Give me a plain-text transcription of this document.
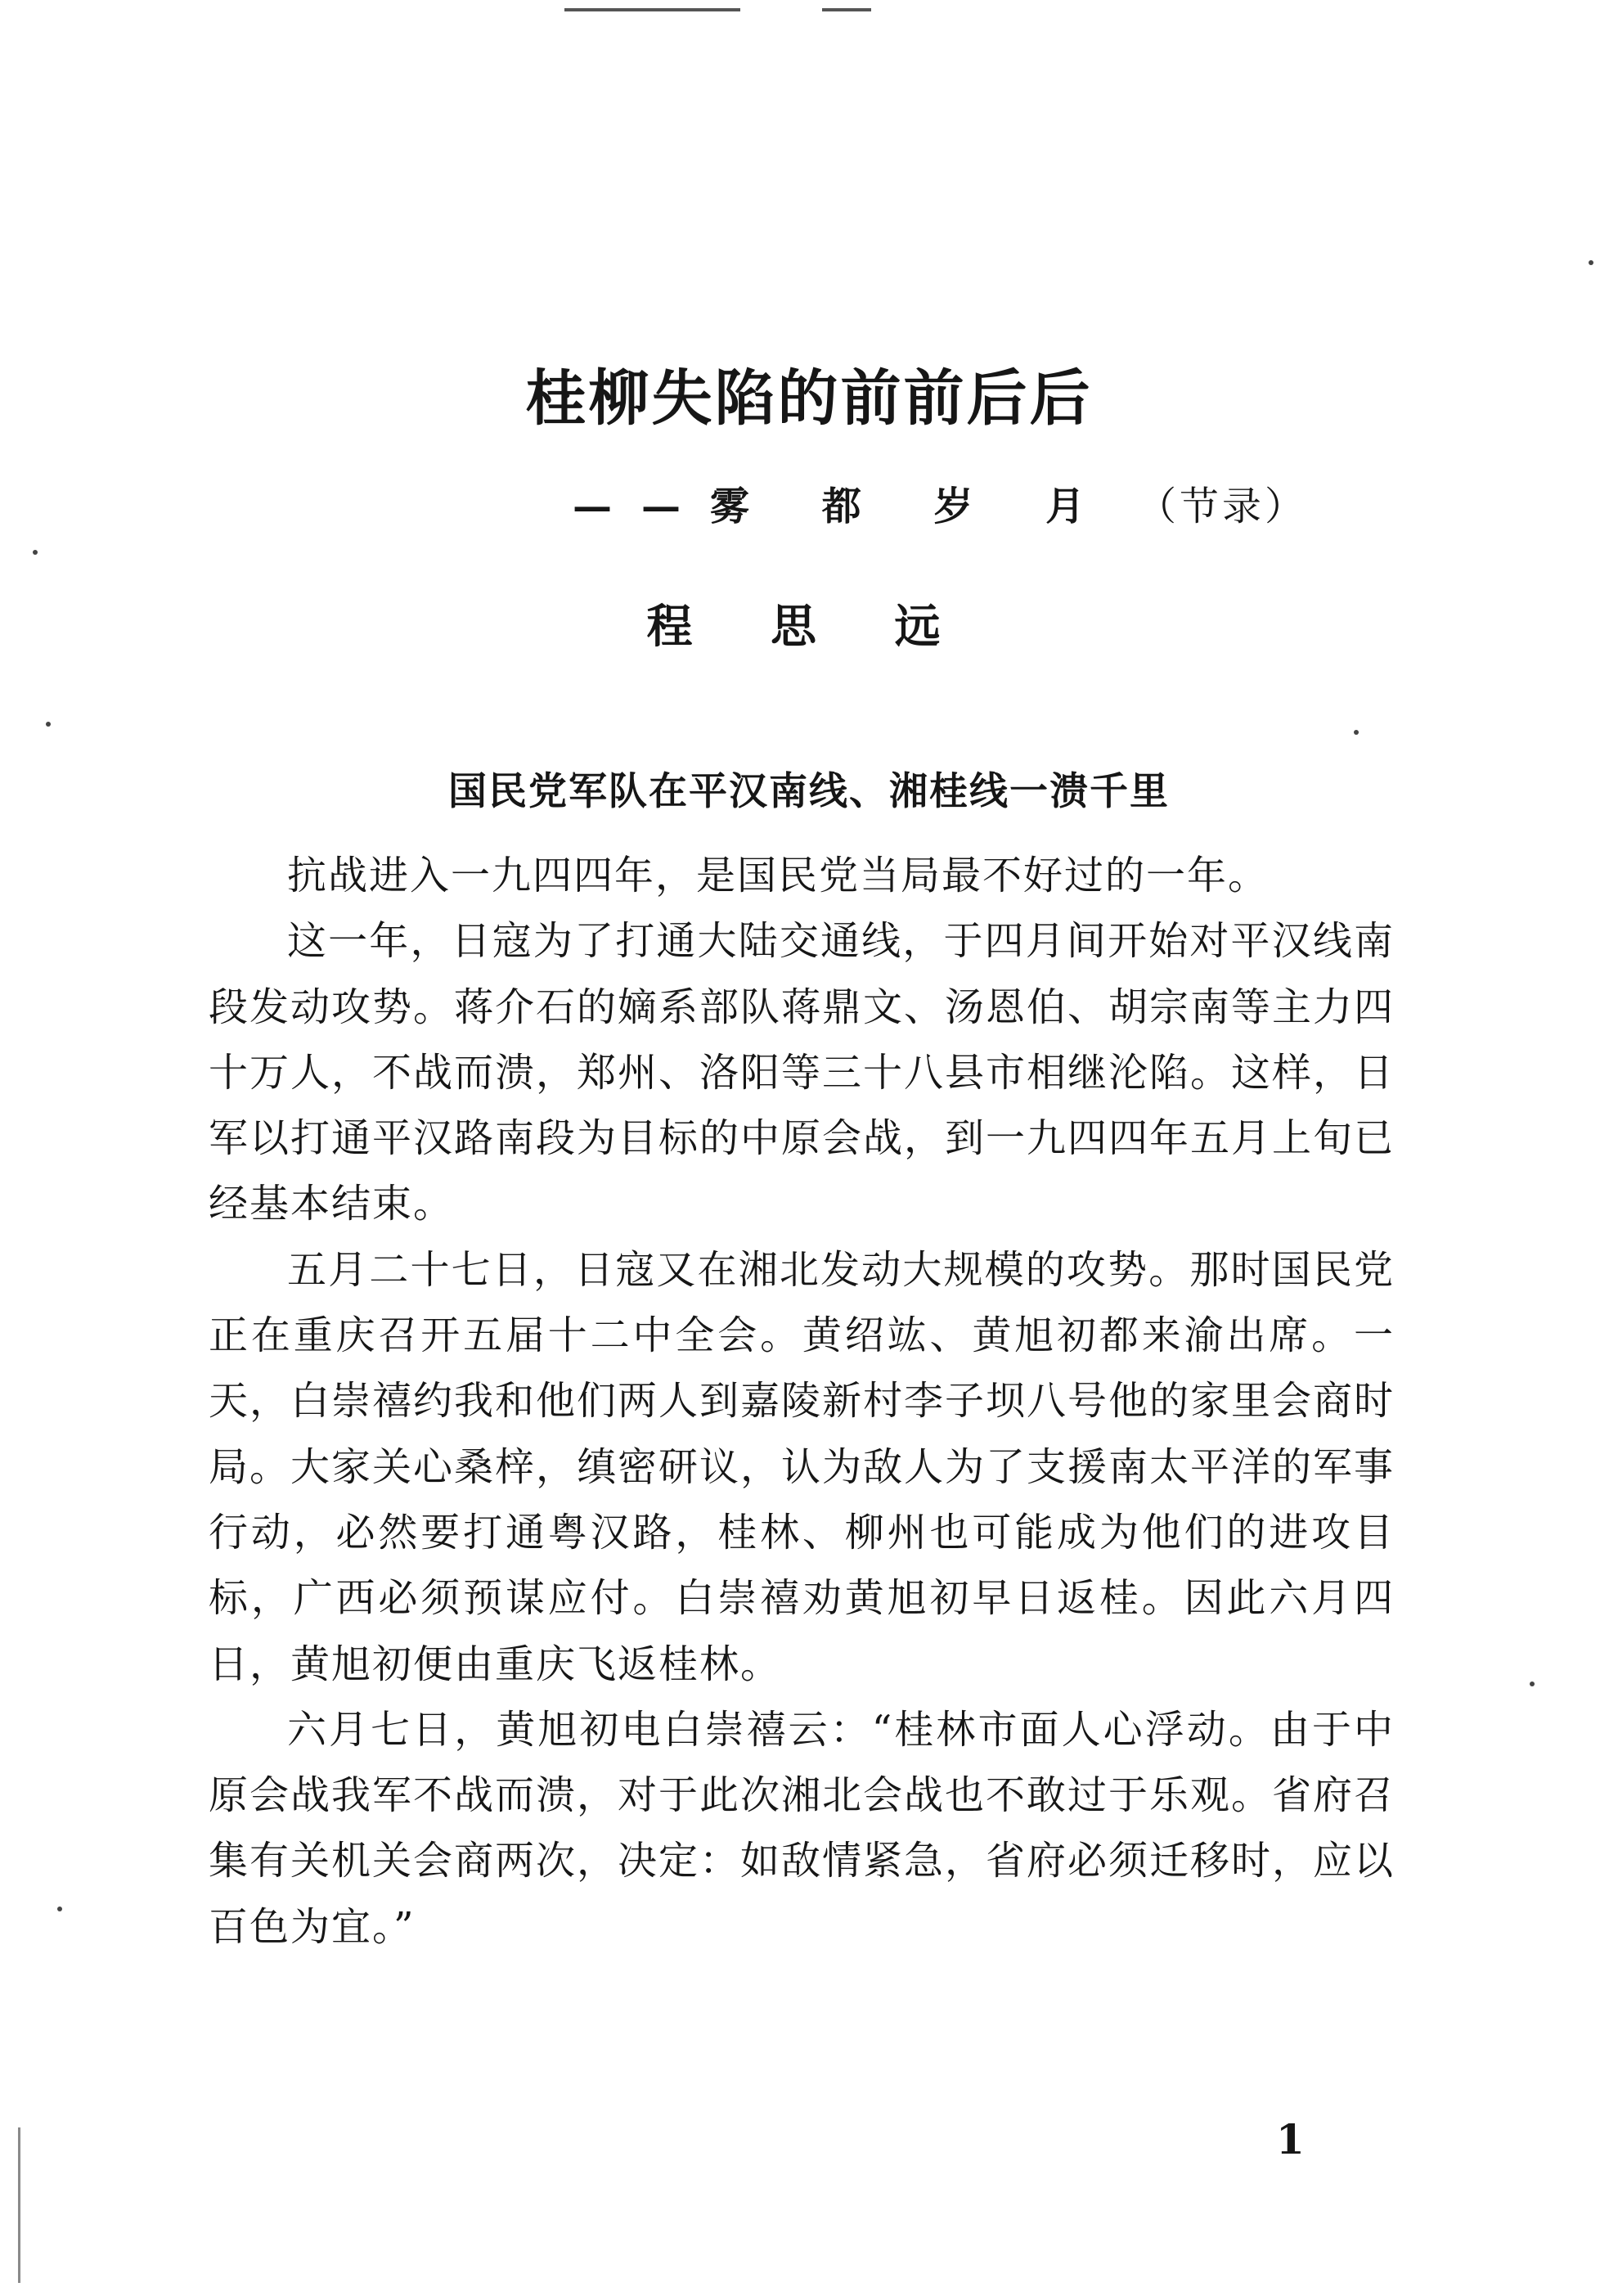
桂柳失陷的前前后后
——雾 都 岁 月 （节录）
程 思 远
国民党军队在平汉南线、湘桂线一溃千里

抗战进入一九四四年，是国民党当局最不好过的一年。

这一年，日寇为了打通大陆交通线，于四月间开始对平汉线南段发动攻势。蒋介石的嫡系部队蒋鼎文、汤恩伯、胡宗南等主力四十万人，不战而溃，郑州、洛阳等三十八县市相继沦陷。这样，日军以打通平汉路南段为目标的中原会战，到一九四四年五月上旬已经基本结束。

五月二十七日，日寇又在湘北发动大规模的攻势。那时国民党正在重庆召开五届十二中全会。黄绍竑、黄旭初都来渝出席。一天，白崇禧约我和他们两人到嘉陵新村李子坝八号他的家里会商时局。大家关心桑梓，缜密研议，认为敌人为了支援南太平洋的军事行动，必然要打通粤汉路，桂林、柳州也可能成为他们的进攻目标，广西必须预谋应付。白崇禧劝黄旭初早日返桂。因此六月四日，黄旭初便由重庆飞返桂林。

六月七日，黄旭初电白崇禧云：“桂林市面人心浮动。由于中原会战我军不战而溃，对于此次湘北会战也不敢过于乐观。省府召集有关机关会商两次，决定：如敌情紧急，省府必须迁移时，应以百色为宜。”

1
